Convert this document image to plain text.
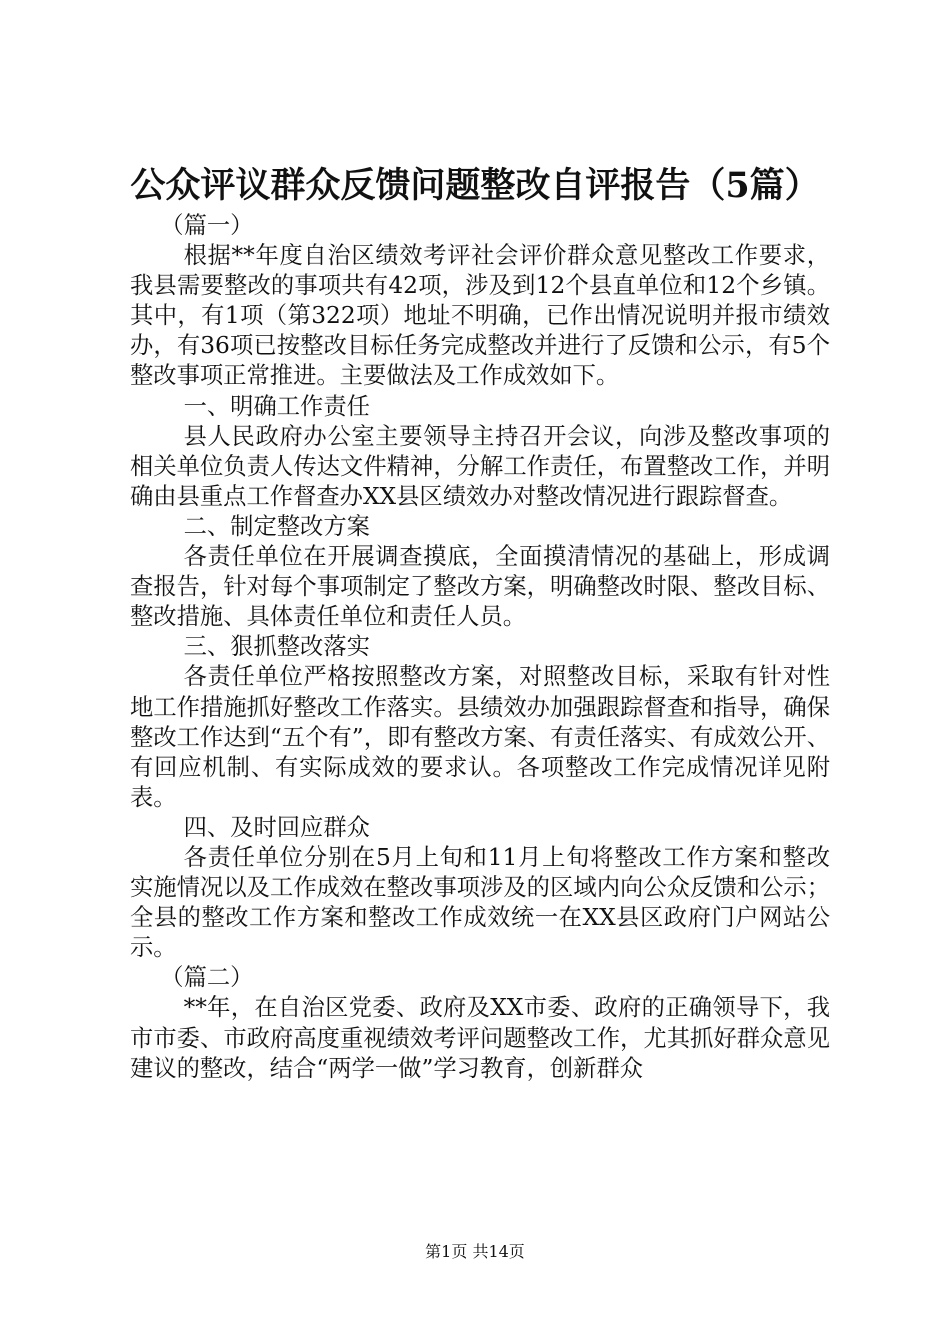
公众评议群众反馈问题整改自评报告（5篇）

（篇一）

根据**年度自治区绩效考评社会评价群众意见整改工作要求，我县需要整改的事项共有42项，涉及到12个县直单位和12个乡镇。其中，有1项（第322项）地址不明确，已作出情况说明并报市绩效办，有36项已按整改目标任务完成整改并进行了反馈和公示，有5个整改事项正常推进。主要做法及工作成效如下。

一、明确工作责任

县人民政府办公室主要领导主持召开会议，向涉及整改事项的相关单位负责人传达文件精神，分解工作责任，布置整改工作，并明确由县重点工作督查办XX县区绩效办对整改情况进行跟踪督查。

二、制定整改方案

各责任单位在开展调查摸底，全面摸清情况的基础上，形成调查报告，针对每个事项制定了整改方案，明确整改时限、整改目标、整改措施、具体责任单位和责任人员。

三、狠抓整改落实

各责任单位严格按照整改方案，对照整改目标，采取有针对性地工作措施抓好整改工作落实。县绩效办加强跟踪督查和指导，确保整改工作达到“五个有”，即有整改方案、有责任落实、有成效公开、有回应机制、有实际成效的要求认。各项整改工作完成情况详见附表。

四、及时回应群众

各责任单位分别在5月上旬和11月上旬将整改工作方案和整改实施情况以及工作成效在整改事项涉及的区域内向公众反馈和公示；全县的整改工作方案和整改工作成效统一在XX县区政府门户网站公示。

（篇二）

**年，在自治区党委、政府及XX市委、政府的正确领导下，我市市委、市政府高度重视绩效考评问题整改工作，尤其抓好群众意见建议的整改，结合“两学一做”学习教育，创新群众

第1页 共14页
